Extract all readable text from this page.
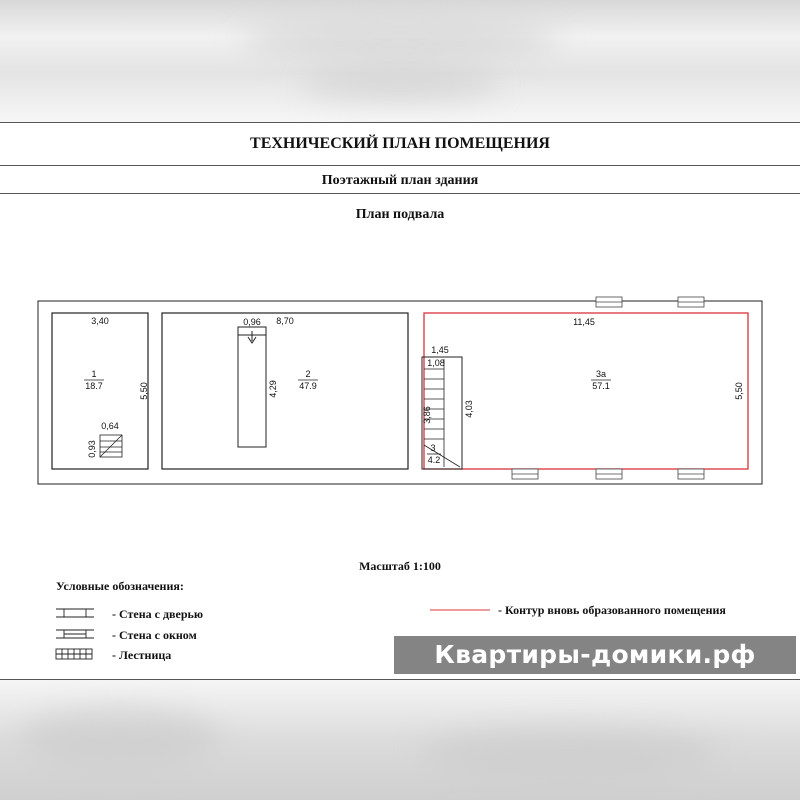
ТЕХНИЧЕСКИЙ ПЛАН ПОМЕЩЕНИЯ
Поэтажный план здания
План подвала
3,40
5,50
1
18.7
0,64
0,93
0,96 8,70
4,29
2
47.9
1,45
1,08
3,86
3
4.2
4,03
11,45
5,50
3а
57.1
Масштаб 1:100
Условные обозначения:
- Стена с дверью
- Стена с окном
- Лестница
- Контур вновь образованного помещения
Квартиры-домики.рф
